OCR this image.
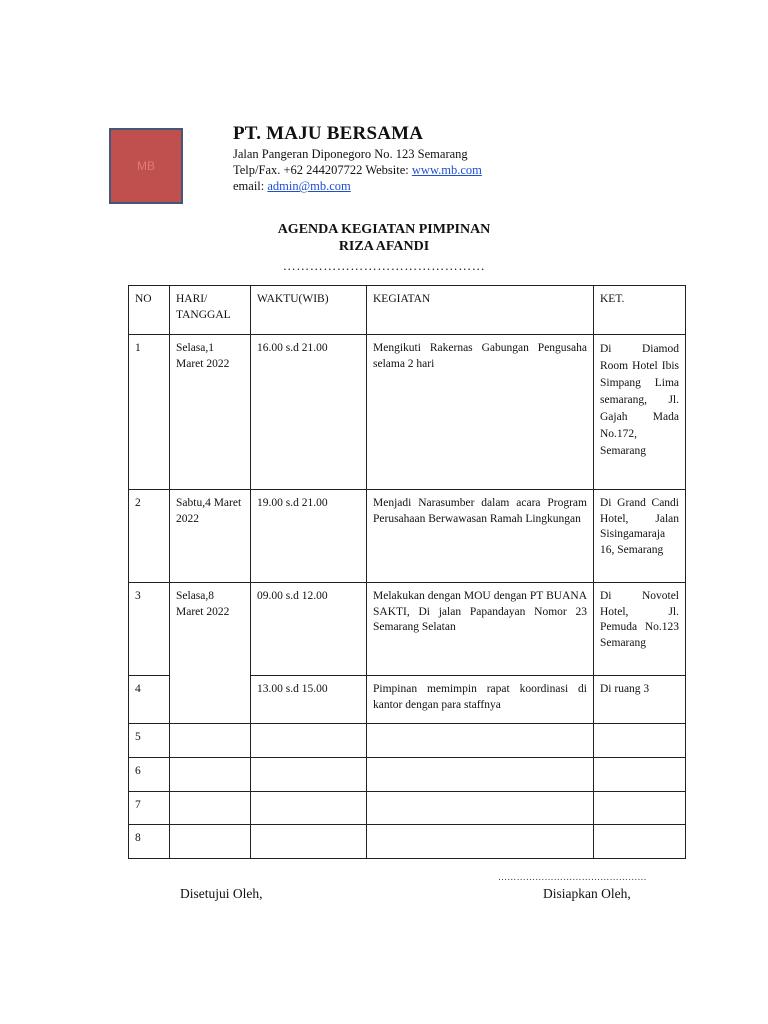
MB
PT. MAJU BERSAMA
Jalan Pangeran Diponegoro No. 123 Semarang
Telp/Fax. +62 244207722 Website: www.mb.com
email: admin@mb.com
AGENDA KEGIATAN PIMPINAN
RIZA AFANDI
………………………………………
NO	HARI/ TANGGAL	WAKTU(WIB)	KEGIATAN	KET.
1	Selasa,1 Maret 2022	16.00 s.d 21.00	Mengikuti Rakernas Gabungan Pengusaha selama 2 hari	Di Diamod Room Hotel Ibis Simpang Lima semarang, Jl. Gajah Mada No.172, Semarang
2	Sabtu,4 Maret 2022	19.00 s.d 21.00	Menjadi Narasumber dalam acara Program Perusahaan Berwawasan Ramah Lingkungan	Di Grand Candi Hotel, Jalan Sisingamaraja 16, Semarang
3	Selasa,8 Maret 2022	09.00 s.d 12.00	Melakukan dengan MOU dengan PT BUANA SAKTI, Di jalan Papandayan Nomor 23 Semarang Selatan	Di Novotel Hotel, Jl. Pemuda No.123 Semarang
4		13.00 s.d 15.00	Pimpinan memimpin rapat koordinasi di kantor dengan para staffnya	Di ruang 3
5				
6				
7				
8				
…………………………………………
Disetujui Oleh,	Disiapkan Oleh,
